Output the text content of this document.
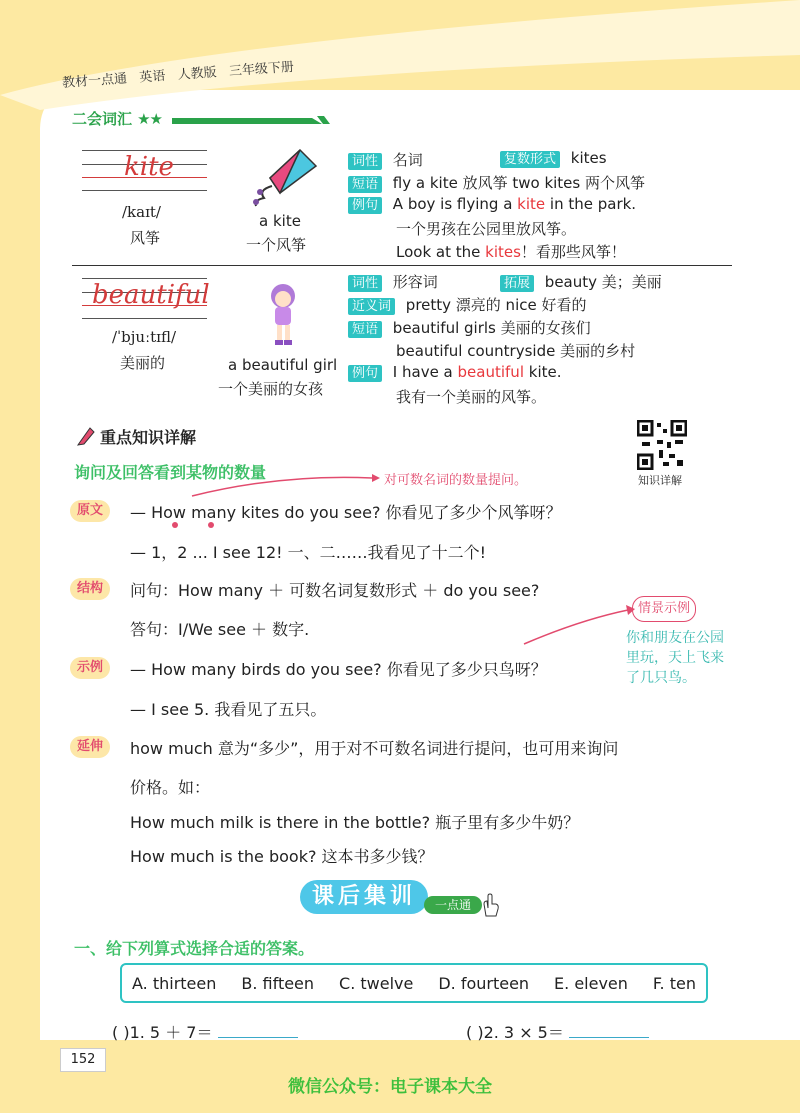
教材一点通 英语 人教版 三年级下册
二会词汇 ★★
kite
/kaɪt/
风筝
a kite
一个风筝
词性 名词	复数形式 kites
短语 fly a kite 放风筝 two kites 两个风筝
例句 A boy is flying a kite in the park.
一个男孩在公园里放风筝。
Look at the kites！看那些风筝！
beautiful
/ˈbjuːtɪfl/
美丽的	a beautiful girl
一个美丽的女孩
词性 形容词	拓展 beauty 美；美丽
近义词 pretty 漂亮的 nice 好看的
短语 beautiful girls 美丽的女孩们
beautiful countryside 美丽的乡村
例句 I have a beautiful kite.
我有一个美丽的风筝。
重点知识详解
知识详解
询问及回答看到某物的数量	对可数名词的数量提问。
原文	— How many kites do you see? 你看见了多少个风筝呀？
— 1，2 ... I see 12! 一、二……我看见了十二个!
结构	问句：How many ＋ 可数名词复数形式 ＋ do you see?
答句：I/We see ＋ 数字.
情景示例
你和朋友在公园
里玩，天上飞来
了几只鸟。
示例	— How many birds do you see? 你看见了多少只鸟呀？
— I see 5. 我看见了五只。
延伸	how much 意为“多少”，用于对不可数名词进行提问，也可用来询问
价格。如：
How much milk is there in the bottle? 瓶子里有多少牛奶？
How much is the book? 这本书多少钱？
课后集训	一点通
一、给下列算式选择合适的答案。
A. thirteen B. fifteen C. twelve D. fourteen E. eleven F. ten
( )1. 5 ＋ 7＝	( )2. 3 × 5＝
152
微信公众号：电子课本大全
